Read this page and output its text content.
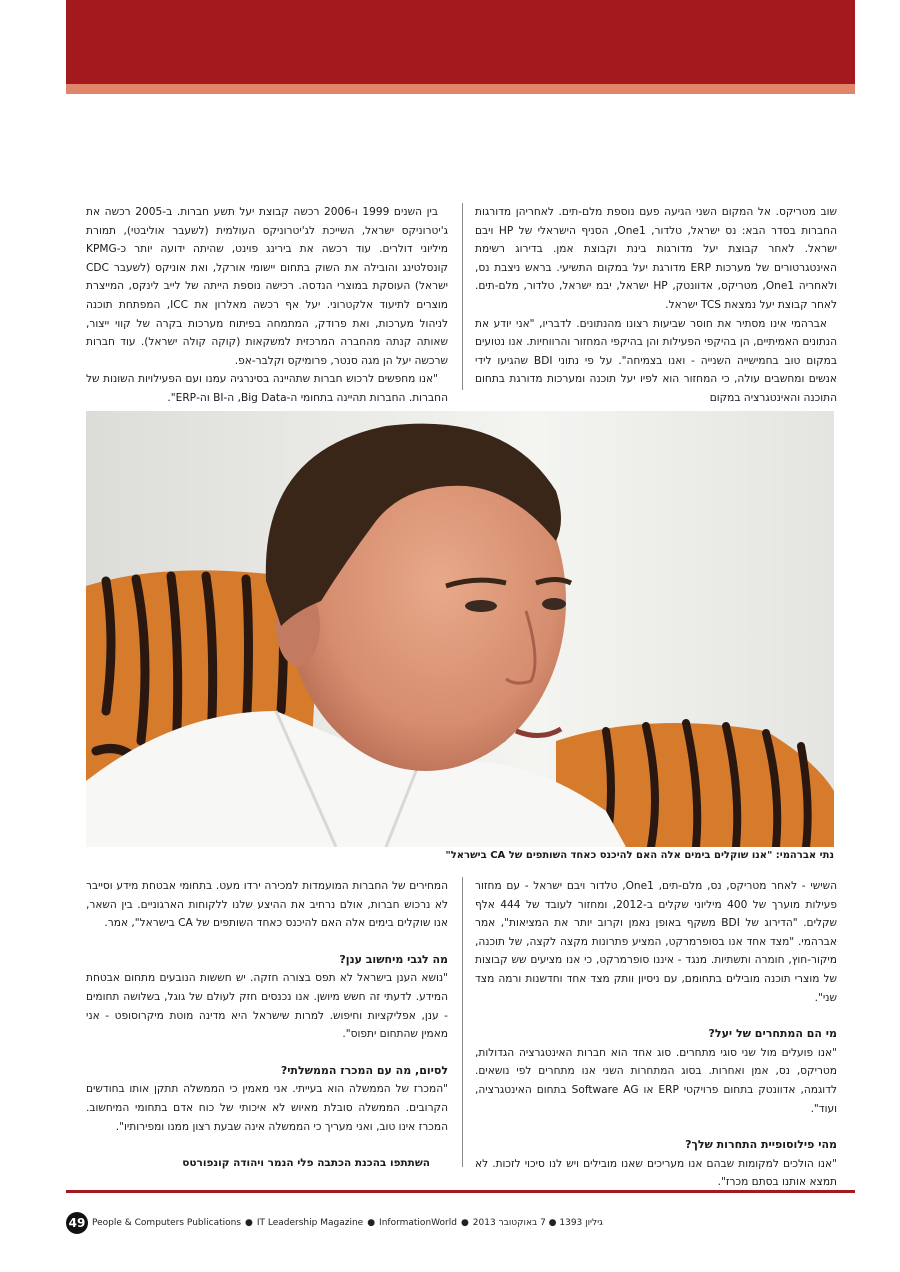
שוב מטריקס. אל המקום השני הגיעה פעם נוספת מלם-תים. לאחריהן מדורגות החברות בסדר הבא: נס ישראל, טלדור, One1, הסניף הישראלי של HP ויבם ישראל. לאחר קבוצת יעל מדורגות בינת וקבוצת אמן. בדירוג רשימת האינטגרטורים של מערכות ERP מדורגת יעל במקום התשיעי. בראש ניצבת נס, ולאחריה One1, מטריקס, אדוונטק, HP ישראל, יבמ ישראל, טלדור, מלם-תים. לאחר קבוצת יעל נמצאת TCS ישראל.

אברהמי אינו מסתיר את חוסר שביעות רצונו מהנתונים. לדבריו, "אני יודע את הנתונים האמיתיים, הן בהיקפי הפעילות והן בהיקפי המחזור והרווחיות. אנו נטועים במקום טוב בחמישייה השנייה - ואנו בצמיחה". על פי נתוני BDI שהגיעו לידי אנשים ומחשבים עולה, כי המחזור הוא לפיו יעל תוכנה ומערכות מדורגת בתחום התוכנה והאינטגרציה במקום

בין השנים 1999 ו-2006 רכשה קבוצת יעל תשע חברות. ב-2005 רכשה את ג'יטרוניקס ישראל, השייכת לג'יטרוניקס העולמית (לשעבר אוליבטי), תמורת מיליוני דולרים. עוד רכשה את בירינג פוינט, שהיתה ידועה יותר כ-KPMG קונסלטינג והובילה את השוק בתחום יישומי אורקל, ואת אוניקס (לשעבר CDC ישראל) העוסקת במוצרי הנדסה. רכישה נוספת הייתה של לייב לינקס, המייצרת מוצרים לתיעוד אלקטרוני. יעל אף רכשה מאלרון את ICC, המפתחת תוכנה לניהול מערכות, ואת פרודק, המתמחה בפיתוח מערכות בקרה של קווי ייצור, שאותה קנתה מהחברה המרכזית למשקאות (קוקה קולה ישראל). עוד חברות שרכשה יעל הן מגה סנטר, פרומיקס וקלבר-אפ.

"אנו מחפשים לרכוש חברות שתהיינה בסינרגיה עמנו ועם הפעילויות השונות של החברות. החברות תהיינה בתחומי ה-Big Data, ה-BI וה-ERP".

נתי אברהמי: "אנו שוקלים בימים אלה האם להיכנס כאחד השותפים של CA בישראל"

השישי - לאחר מטריקס, נס, מלם-תים, One1, טלדור ויבם ישראל - עם מחזור פעילות מוערך של 400 מיליוני שקלים ב-2012, ומחזור לעובד של 444 אלף שקלים. "הדירוג של BDI משקף באופן נאמן וקרוב יותר את המציאות", אמר אברהמי. "מצד אחד אנו בסופרמרקט, המציע פתרונות מקצה לקצה, של תוכנה, מיקור-חוץ, חומרה ותשתיות. מנגד - איננו סופרמרקט, כי אנו מציעים שש קבוצות של מוצרי תוכנה מובילים בתחומם, עם ניסיון וותק מצד אחד וחדשנות ורמה מצד שני".

מי הם המתחרים של יעל?

"אנו פועלים מול שני סוגי מתחרים. סוג אחד הוא חברות האינטגרציה הגדולות, מטריקס, נס, אמן ואחרות. בסוג המתחרות השני אנו מתחרים לפי נושאים. לדוגמה, אדוונטק בתחום פרויקטי ERP או Software AG בתחום האינטגרציה, ועוד".

מהי פילוסופיית התחרות שלך?

"אנו הולכים למקומות שבהם אנו מעריכים שאנו מובילים ויש לנו סיכוי לזכות. לא תמצא אותנו בסתם מכרז".

המחירים של החברות המועמדות למכירה ירדו מעט. בתחומי אבטחת מידע וסייבר לא נרכוש חברות, אולם נרחיב את ההיצע שלנו ללקוחות הארגוניים. בין השאר, אנו שוקלים בימים אלה האם להיכנס כאחד השותפים של CA בישראל", אמר.

מה לגבי מיחשוב ענן?

"נושא הענן בישראל לא תפס בצורה חזקה. יש חששות הנובעים מתחום אבטחת המידע. לדעתי זה חשש מיושן. אנו נכנסים חזק לעולם של גוגל, בשלושה תחומים - ענן, אפליקציות וחיפוש. למרות שישראל היא מדינה מוטת מיקרוסופט - אני מאמין שהתחום יתפוס".

לסיום, מה עם המכרז הממשלתי?

"המכרז של הממשלה הוא בעייתי. אני מאמין כי הממשלה תתקן אותו בחודשים הקרובים. הממשלה סובלת מאיוש לא איכותי של כוח אדם בתחומי המיחשוב. המכרז אינו טוב, ואני מעריך כי הממשלה אינה שבעת רצון ממנו ומפירותיו".

השתתפו בהכנת הכתבה פלי הנמר ויהודה קונפורטס
49 People & Computers Publications ● IT Leadership Magazine ● InformationWorld ● גיליון 1393 ● 7 באוקטובר 2013
